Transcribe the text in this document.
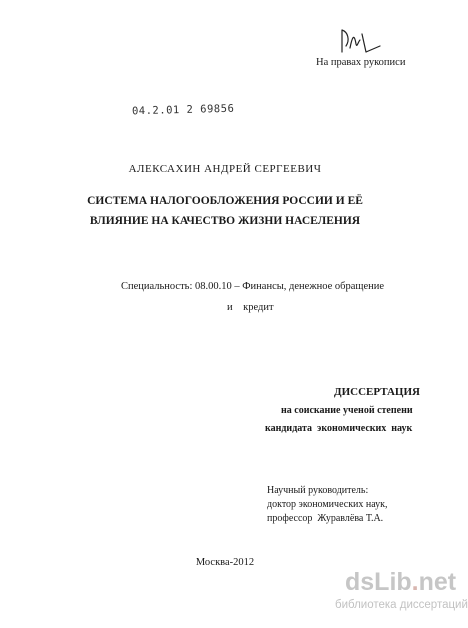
На правах рукописи
04.2.01 2 69856
АЛЕКСАХИН АНДРЕЙ СЕРГЕЕВИЧ
СИСТЕМА НАЛОГООБЛОЖЕНИЯ РОССИИ И ЕЁ
ВЛИЯНИЕ НА КАЧЕСТВО ЖИЗНИ НАСЕЛЕНИЯ
Специальность: 08.00.10 – Финансы, денежное обращение
и    кредит
ДИССЕРТАЦИЯ
на соискание ученой степени
кандидата  экономических  наук
Научный руководитель:
доктор экономических наук,
профессор  Журавлёва Т.А.
Москва-2012
dsLib.net
библиотека диссертаций
